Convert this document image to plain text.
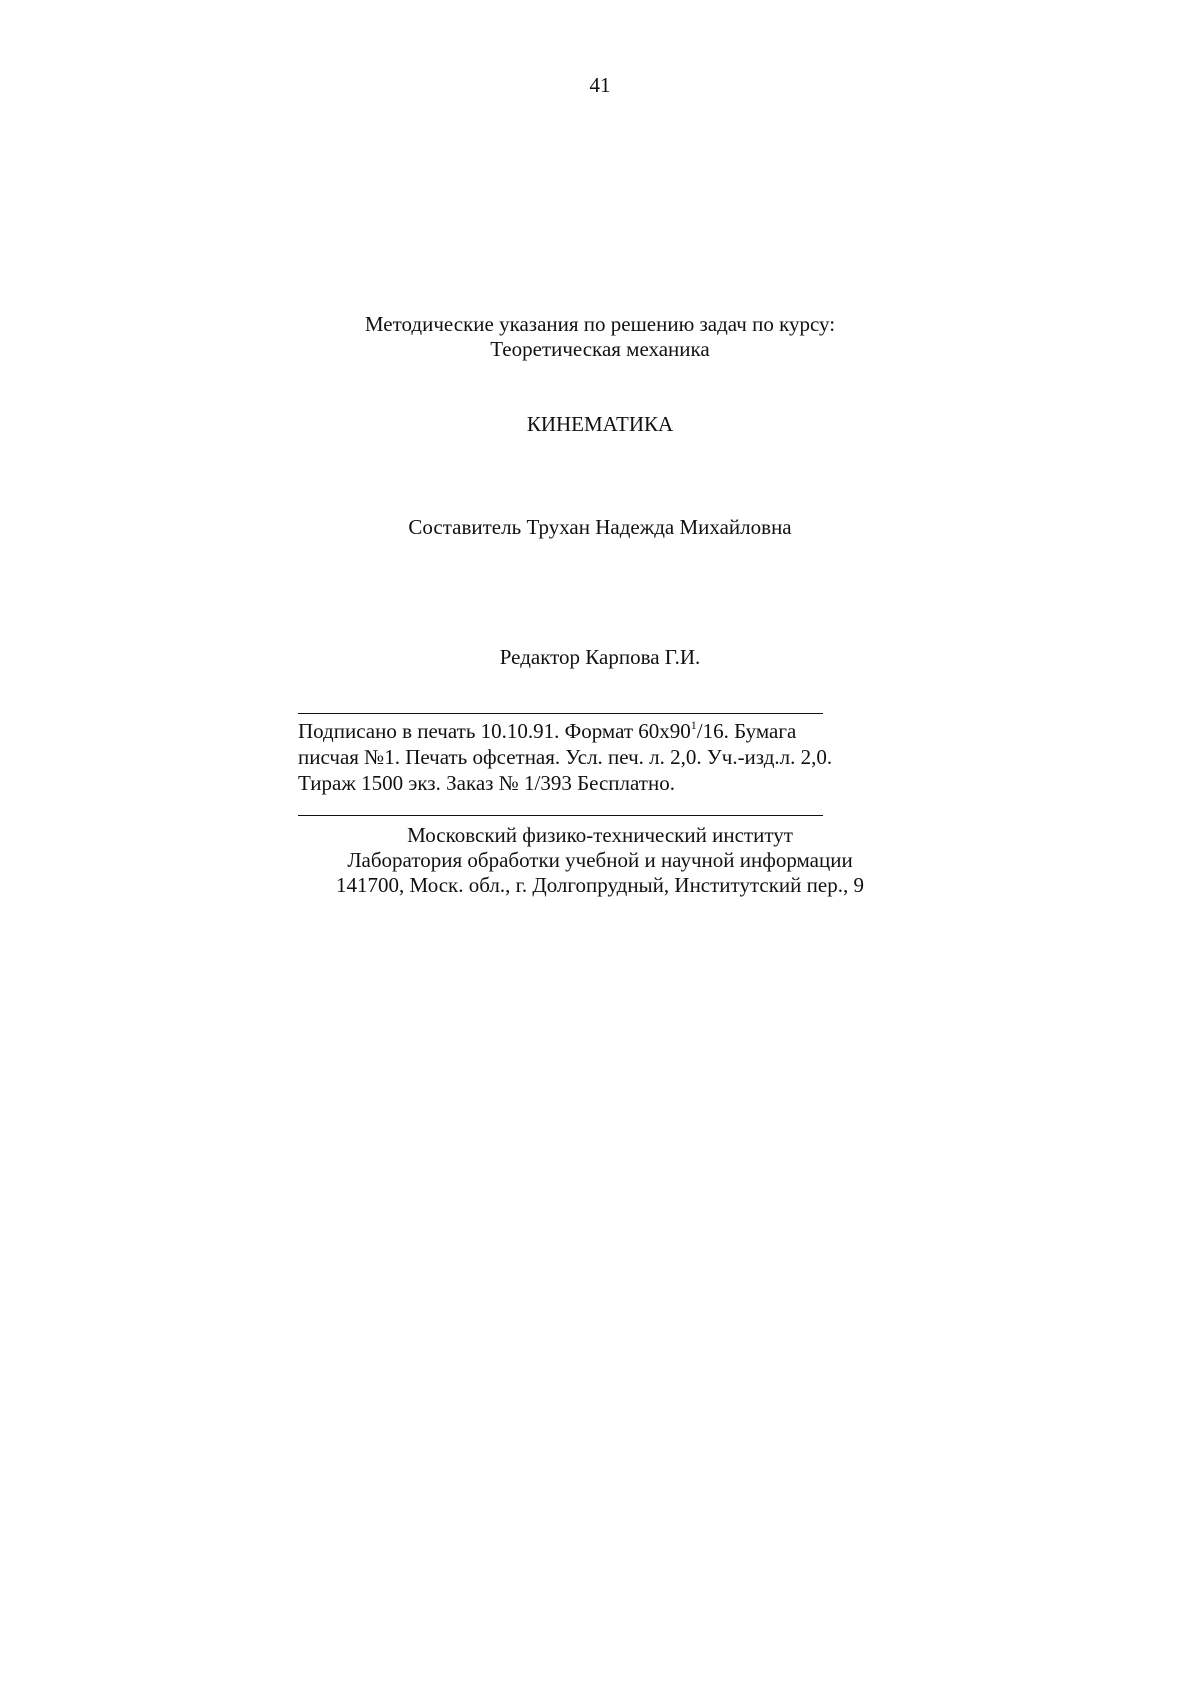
41
Методические указания по решению задач по курсу:
Теоретическая механика
КИНЕМАТИКА
Составитель Трухан Надежда Михайловна
Редактор Карпова Г.И.
Подписано в печать 10.10.91. Формат $60x90^1/16$. Бумага
писчая №1. Печать офсетная. Усл. печ. л. 2,0. Уч.-изд.л. 2,0.
Тираж 1500 экз. Заказ № 1/393 Бесплатно.
Московский физико-технический институт
Лаборатория обработки учебной и научной информации
141700, Моск. обл., г. Долгопрудный, Институтский пер., 9
